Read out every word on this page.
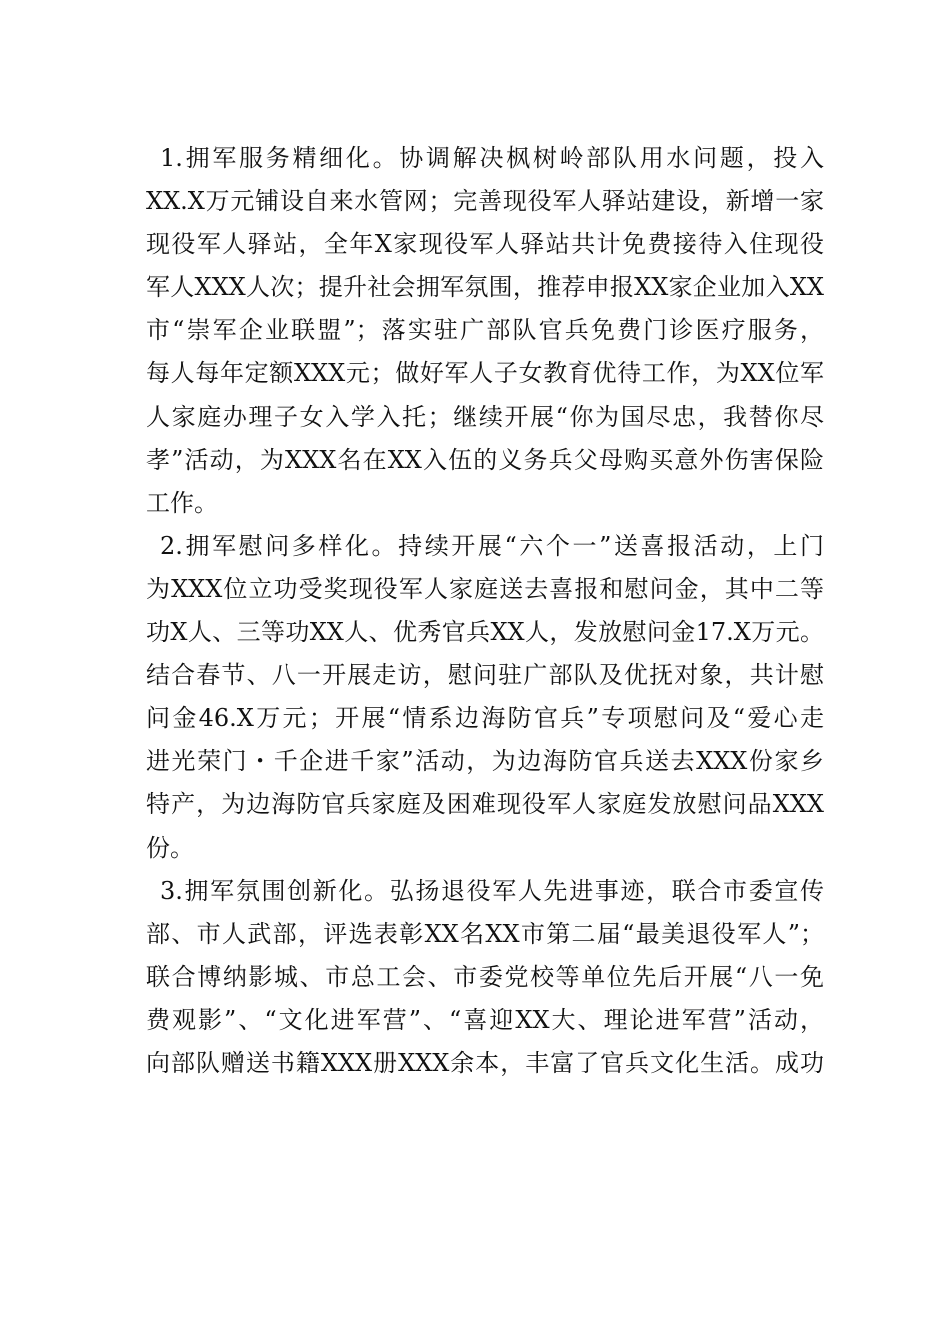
1.拥军服务精细化。协调解决枫树岭部队用水问题，投入
XX.X万元铺设自来水管网；完善现役军人驿站建设，新增一家
现役军人驿站，全年X家现役军人驿站共计免费接待入住现役
军人XXX人次；提升社会拥军氛围，推荐申报XX家企业加入XX
市“崇军企业联盟”；落实驻广部队官兵免费门诊医疗服务，
每人每年定额XXX元；做好军人子女教育优待工作，为XX位军
人家庭办理子女入学入托；继续开展“你为国尽忠，我替你尽
孝”活动，为XXX名在XX入伍的义务兵父母购买意外伤害保险
工作。
2.拥军慰问多样化。持续开展“六个一”送喜报活动，上门
为XXX位立功受奖现役军人家庭送去喜报和慰问金，其中二等
功X人、三等功XX人、优秀官兵XX人，发放慰问金17.X万元。
结合春节、八一开展走访，慰问驻广部队及优抚对象，共计慰
问金46.X万元；开展“情系边海防官兵”专项慰问及“爱心走
进光荣门・千企进千家”活动，为边海防官兵送去XXX份家乡
特产，为边海防官兵家庭及困难现役军人家庭发放慰问品XXX
份。
3.拥军氛围创新化。弘扬退役军人先进事迹，联合市委宣传
部、市人武部，评选表彰XX名XX市第二届“最美退役军人”；
联合博纳影城、市总工会、市委党校等单位先后开展“八一免
费观影”、“文化进军营”、“喜迎XX大、理论进军营”活动，
向部队赠送书籍XXX册XXX余本，丰富了官兵文化生活。成功
